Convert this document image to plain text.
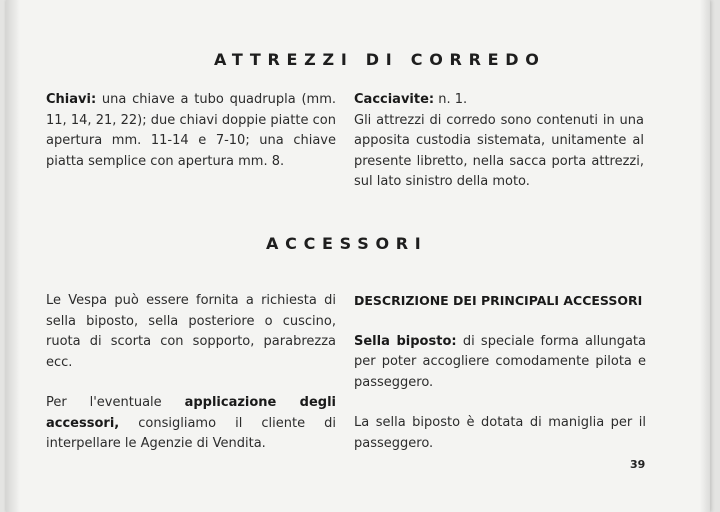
ATTREZZI DI CORREDO
Chiavi: una chiave a tubo quadrupla (mm. 11, 14, 21, 22); due chiavi doppie piatte con apertura mm. 11-14 e 7-10; una chiave piatta semplice con apertura mm. 8.

Cacciavite: n. 1.

Gli attrezzi di corredo sono contenuti in una apposita custodia sistemata, unitamente al presente libretto, nella sacca porta attrezzi, sul lato sinistro della moto.

ACCESSORI

Le Vespa può essere fornita a richiesta di sella biposto, sella posteriore o cuscino, ruota di scorta con sopporto, parabrezza ecc.

Per l'eventuale applicazione degli accessori, consigliamo il cliente di interpellare le Agenzie di Vendita.

DESCRIZIONE DEI PRINCIPALI ACCESSORI

Sella biposto: di speciale forma allungata per poter accogliere comodamente pilota e passeggero.

La sella biposto è dotata di maniglia per il passeggero.

39
